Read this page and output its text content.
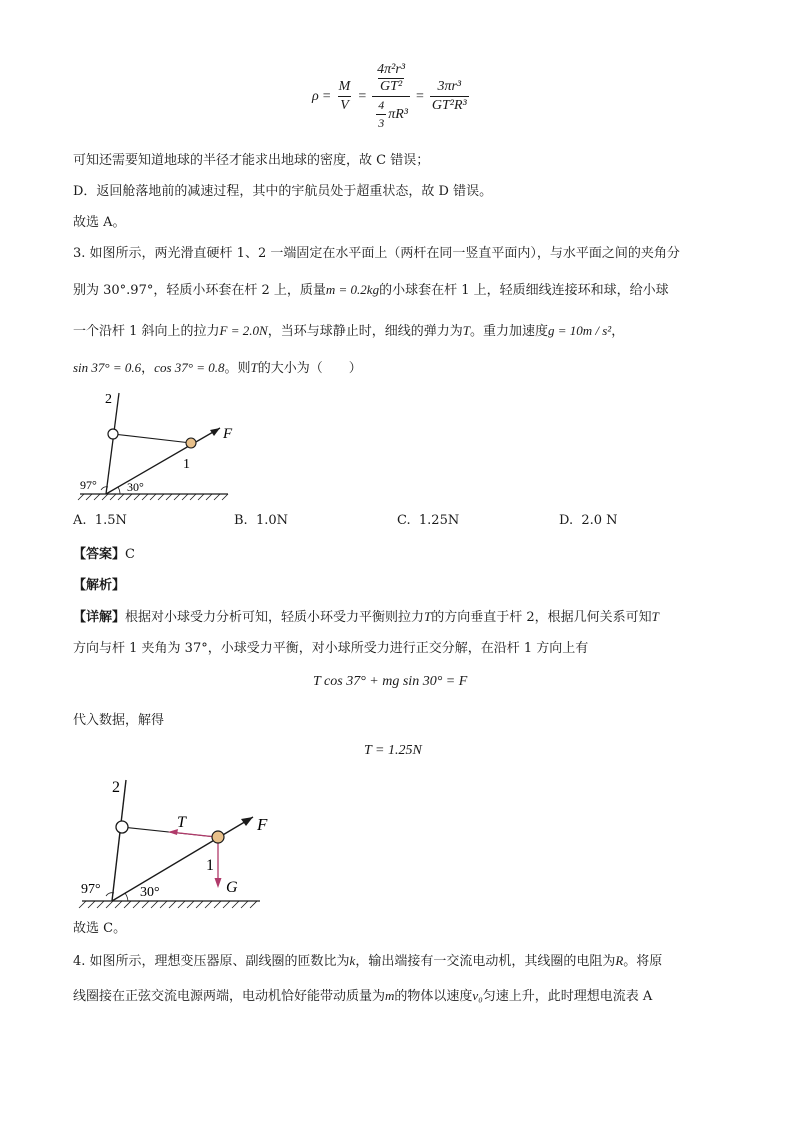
$\rho = \frac{M}{V} = 4\pi^2r^3$
GT²
$\frac{4}{3} \pi R^3 = \frac{\text{3πr³}}{\text{GT²R³}}$
可知还需要知道地球的半径才能求出地球的密度，故 C 错误；
D．返回舱落地前的减速过程，其中的宇航员处于超重状态，故 D 错误。
故选 A。
3. 如图所示，两光滑直硬杆 1、2 一端固定在水平面上（两杆在同一竖直平面内），与水平面之间的夹角分
别为 30°.97°，轻质小环套在杆 2 上，质量m = 0.2kg的小球套在杆 1 上，轻质细线连接环和球，给小球
一个沿杆 1 斜向上的拉力F = 2.0N，当环与球静止时，细线的弹力为T。重力加速度g = 10m / s²，
sin 37° = 0.6，cos 37° = 0.8。则T的大小为（　　）
2
1
F
97°	30°
A. 1.5N	B. 1.0N	C. 1.25N	D. 2.0 N
【答案】C
【解析】
【详解】根据对小球受力分析可知，轻质小环受力平衡则拉力T的方向垂直于杆 2，根据几何关系可知T
方向与杆 1 夹角为 37°，小球受力平衡，对小球所受力进行正交分解，在沿杆 1 方向上有
T cos 37° + mg sin 30° = F
代入数据，解得
T = 1.25N
2
1
F
T
G
97°	30°
故选 C。
4. 如图所示，理想变压器原、副线圈的匝数比为k，输出端接有一交流电动机，其线圈的电阻为R。将原
线圈接在正弦交流电源两端，电动机恰好能带动质量为m的物体以速度v₀匀速上升，此时理想电流表 A
